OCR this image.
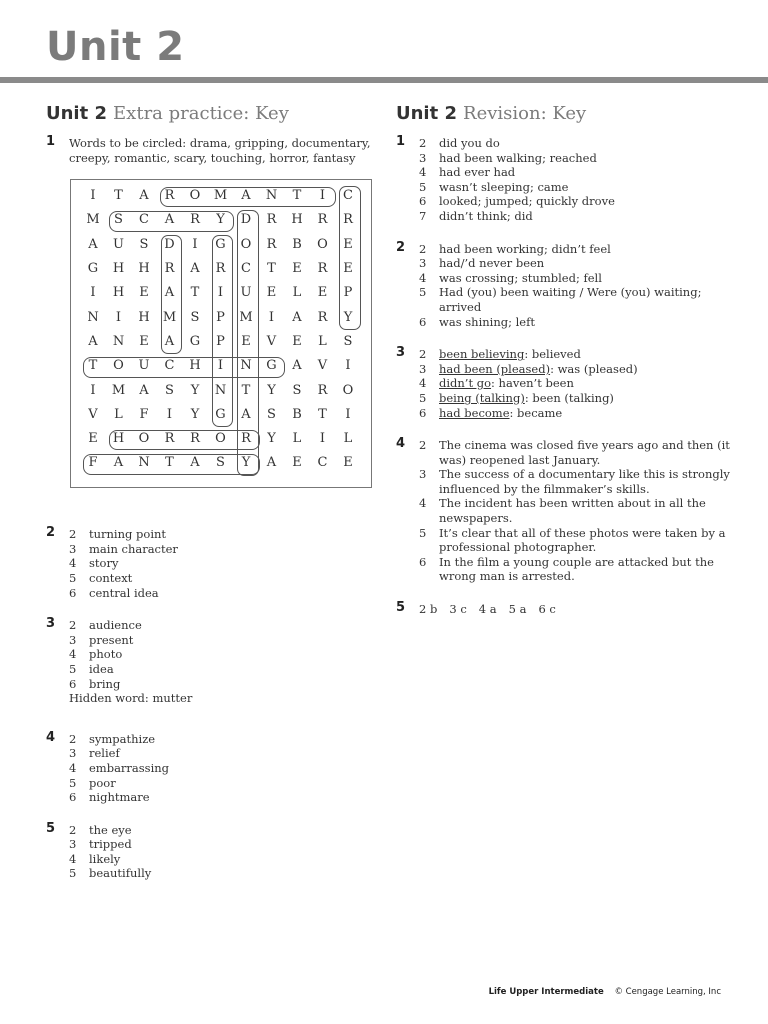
Unit 2
Unit 2 Extra practice: Key
1 Words to be circled: drama, gripping, documentary, creepy, romantic, scary, touching, horror, fantasy
I	T	A	R	O	M	A	N	T	I	C
M	S	C	A	R	Y	D	R	H	R	R
A	U	S	D	I	G	O	R	B	O	E
G	H	H	R	A	R	C	T	E	R	E
I	H	E	A	T	I	U	E	L	E	P
N	I	H	M	S	P	M	I	A	R	Y
A	N	E	A	G	P	E	V	E	L	S
T	O	U	C	H	I	N	G	A	V	I
I	M	A	S	Y	N	T	Y	S	R	O
V	L	F	I	Y	G	A	S	B	T	I
E	H	O	R	R	O	R	Y	L	I	L
F	A	N	T	A	S	Y	A	E	C	E
2 2	turning point
3	main character
4	story
5	context
6	central idea
3 2	audience
3	present
4	photo
5	idea
6	bring
Hidden word: mutter
4 2	sympathize
3	relief
4	embarrassing
5	poor
6	nightmare
5 2	the eye
3	tripped
4	likely
5	beautifully
Unit 2 Revision: Key
1 2	did you do
3	had been walking; reached
4	had ever had
5	wasn’t sleeping; came
6	looked; jumped; quickly drove
7	didn’t think; did
2 2	had been working; didn’t feel
3	had/’d never been
4	was crossing; stumbled; fell
5	Had (you) been waiting / Were (you) waiting; arrived
6	was shining; left
3 2	been believing: believed
3	had been (pleased): was (pleased)
4	didn’t go: haven’t been
5	being (talking): been (talking)
6	had become: became
4 2	The cinema was closed five years ago and then (it was) reopened last January.
3	The success of a documentary like this is strongly influenced by the filmmaker’s skills.
4	The incident has been written about in all the newspapers.
5	It’s clear that all of these photos were taken by a professional photographer.
6	In the film a young couple are attacked but the wrong man is arrested.
5 2 b 3 c 4 a 5 a 6 c
Life Upper Intermediate © Cengage Learning, Inc
